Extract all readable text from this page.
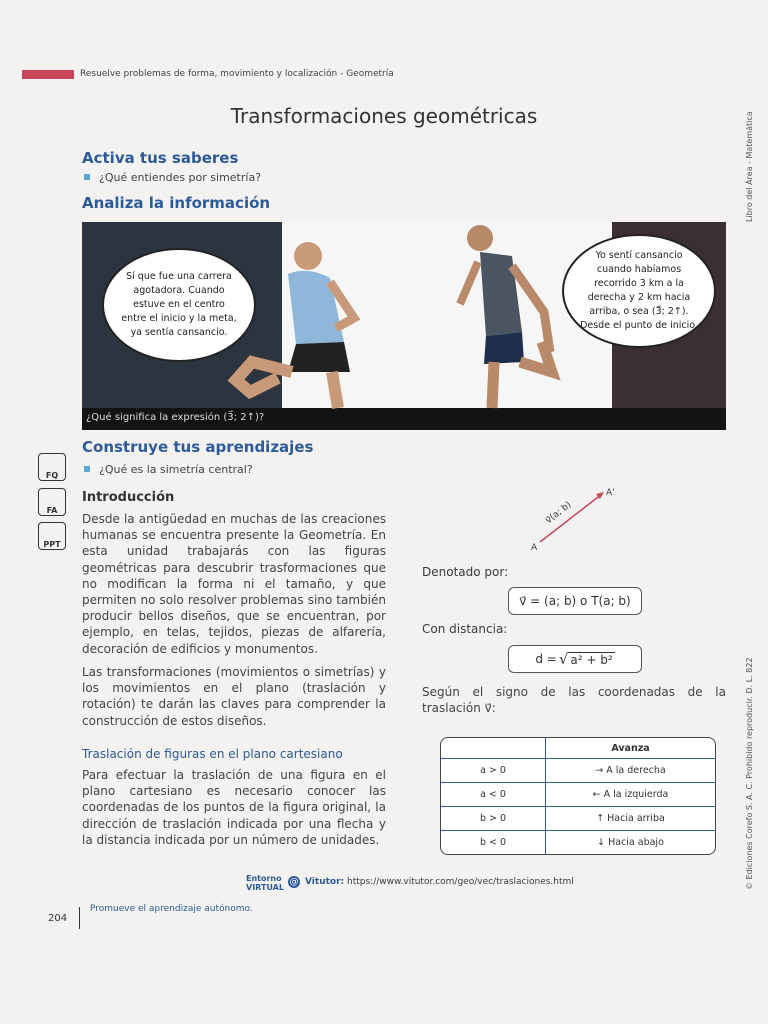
Resuelve problemas de forma, movimiento y localización - Geometría
Transformaciones geométricas	Libro del Área - Matemática
© Ediciones Corefo S. A. C. Prohibido reproducir. D. L. 822
Activa tus saberes
¿Qué entiendes por simetría?
Analiza la información
Sí que fue una carrera agotadora. Cuando estuve en el centro entre el inicio y la meta, ya sentía cansancio.
Yo sentí cansancio cuando habíamos recorrido 3 km a la derecha y 2 km hacia arriba, o sea (3⃗; 2↑). Desde el punto de inicio.
¿Qué significa la expresión (3⃗; 2↑)?
Construye tus aprendizajes
¿Qué es la simetría central?
FQ
FA
PPT
Introducción
Desde la antigüedad en muchas de las creaciones humanas se encuentra presente la Geometría. En esta unidad trabajarás con las figuras geométricas para descubrir trasformaciones que no modifican la forma ni el tamaño, y que permiten no solo resolver problemas sino también producir bellos diseños, que se encuentran, por ejemplo, en telas, tejidos, piezas de alfarería, decoración de edificios y monumentos.
Las transformaciones (movimientos o simetrías) y los movimientos en el plano (traslación y rotación) te darán las claves para comprender la construcción de estos diseños.
Traslación de figuras en el plano cartesiano
Para efectuar la traslación de una figura en el plano cartesiano es necesario conocer las coordenadas de los puntos de la figura original, la dirección de traslación indicada por una flecha y la distancia indicada por un número de unidades.
A
A'
v⃗(a; b)
Denotado por:
v⃗ = (a; b) o T(a; b)
Con distancia:
d = √ a² + b²
Según el signo de las coordenadas de la traslación v⃗:
	Avanza
a > 0	→ A la derecha
a < 0	← A la izquierda
b > 0	↑ Hacia arriba
b < 0	↓ Hacia abajo
Entorno VIRTUAL
@ Vitutor: https://www.vitutor.com/geo/vec/traslaciones.html
204
Promueve el aprendizaje autónomo.
